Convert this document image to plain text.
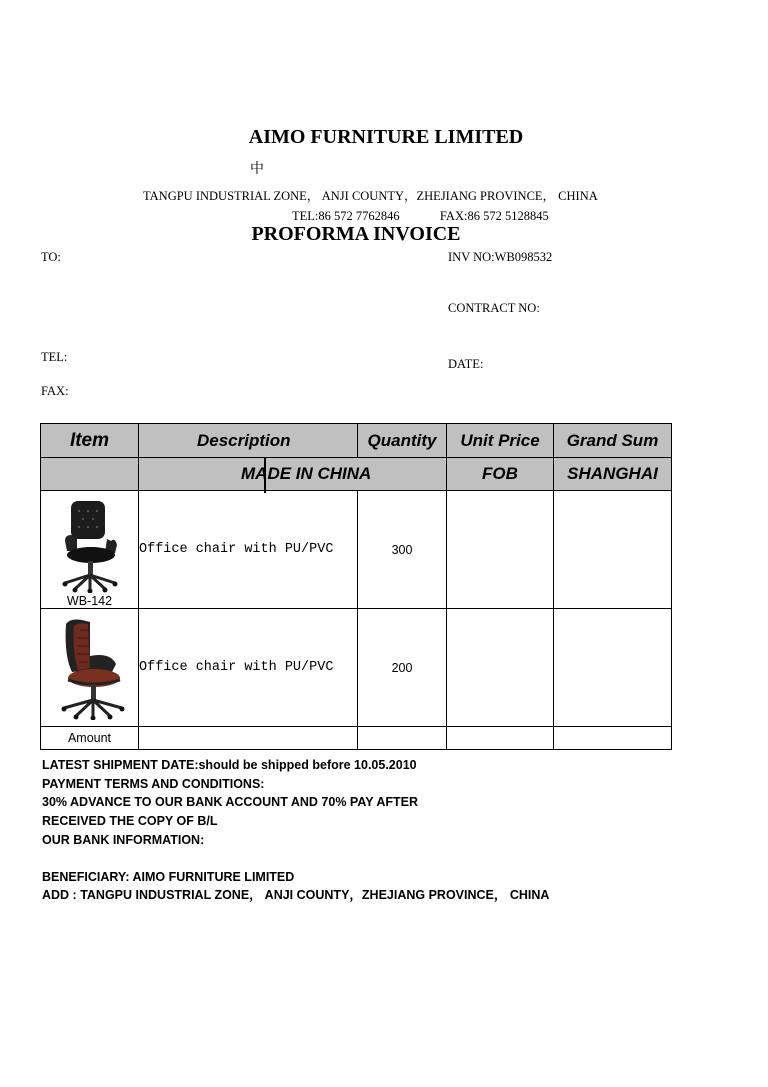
AIMO FURNITURE LIMITED
中
TANGPU INDUSTRIAL ZONE， ANJI COUNTY，ZHEJIANG PROVINCE， CHINA
TEL:86 572 7762846	FAX:86 572 5128845
PROFORMA INVOICE
TO:
TEL:
FAX:
INV NO:WB098532
CONTRACT NO:
DATE:
Item	Description	Quantity	Unit Price	Grand Sum
	MADE IN CHINA		FOB	SHANGHAI

WB-142	Office chair with PU/PVC	300		

	Office chair with PU/PVC	200		
Amount				
LATEST SHIPMENT DATE:should be shipped before 10.05.2010
PAYMENT TERMS AND CONDITIONS:
30% ADVANCE TO OUR BANK ACCOUNT AND 70% PAY AFTER
RECEIVED THE COPY OF B/L
OUR BANK INFORMATION:
BENEFICIARY: AIMO FURNITURE LIMITED
ADD : TANGPU INDUSTRIAL ZONE， ANJI COUNTY，ZHEJIANG PROVINCE， CHINA
